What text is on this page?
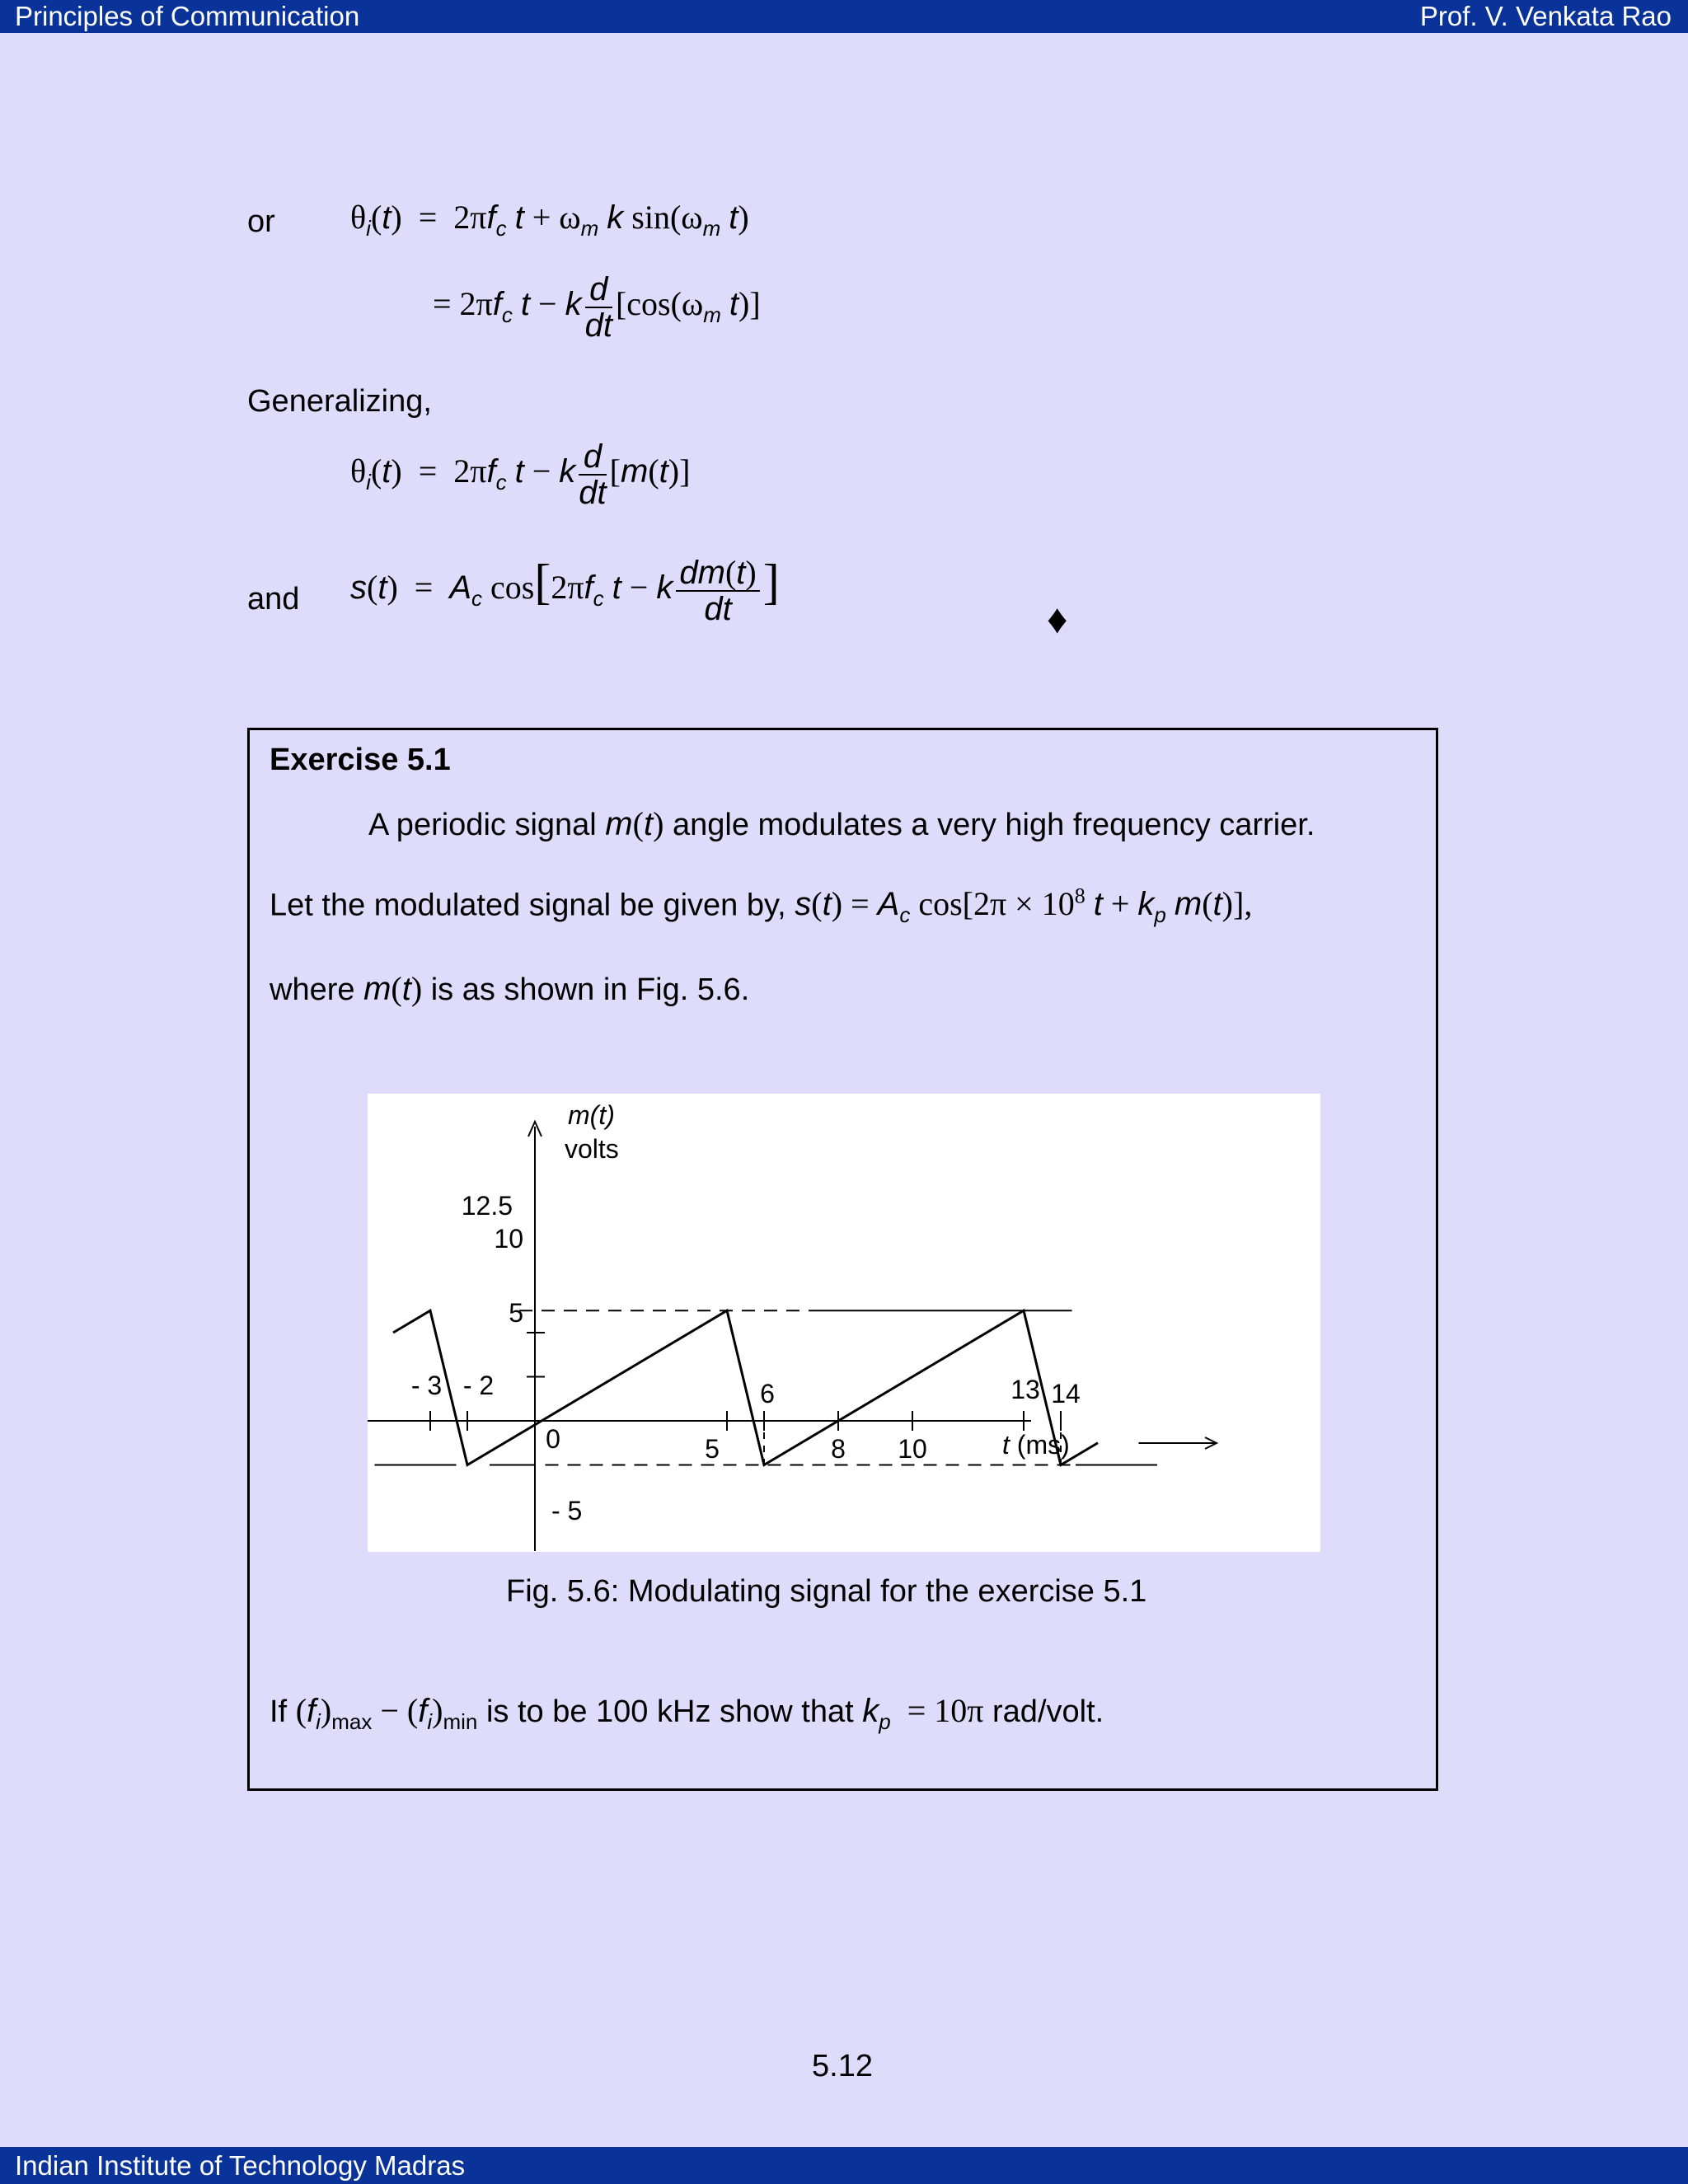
Principles of Communication	Prof. V. Venkata Rao
Indian Institute of Technology Madras
or $\theta_i(t) = 2\pi f_c$ $t + \omega_m$ k $\sin(\omega_m$ t)
= $2\pi f_c$ t − k $\frac{d}{dt} [\cos(\omega_m$ t)]
Generalizing,
$\theta_i(t) = 2\pi f_c$ t − k $\frac{d}{dt} [m(t)]$
and $s(t) = A_c$ $\cos[2\pi f_c$ t − k $\frac{dm(t)}{dt}$ ]
♦
Exercise 5.1
A periodic signal m(t) angle modulates a very high frequency carrier.
Let the modulated signal be given by, $s(t) = A_c$ $\cos[2\pi \times 10^8$ $t + k_p$ m(t)],
where m(t) is as shown in Fig. 5.6.
m(t)
volts
12.5
10
5
- 5
- 3 - 2
0	5
6
8 10
13 14
t (ms)
Fig. 5.6: Modulating signal for the exercise 5.1
If $(f_i)_{max} - (f_i)_{min}$ is to be 100 kHz show that $k_p = 10\pi$ rad/volt.
5.12
